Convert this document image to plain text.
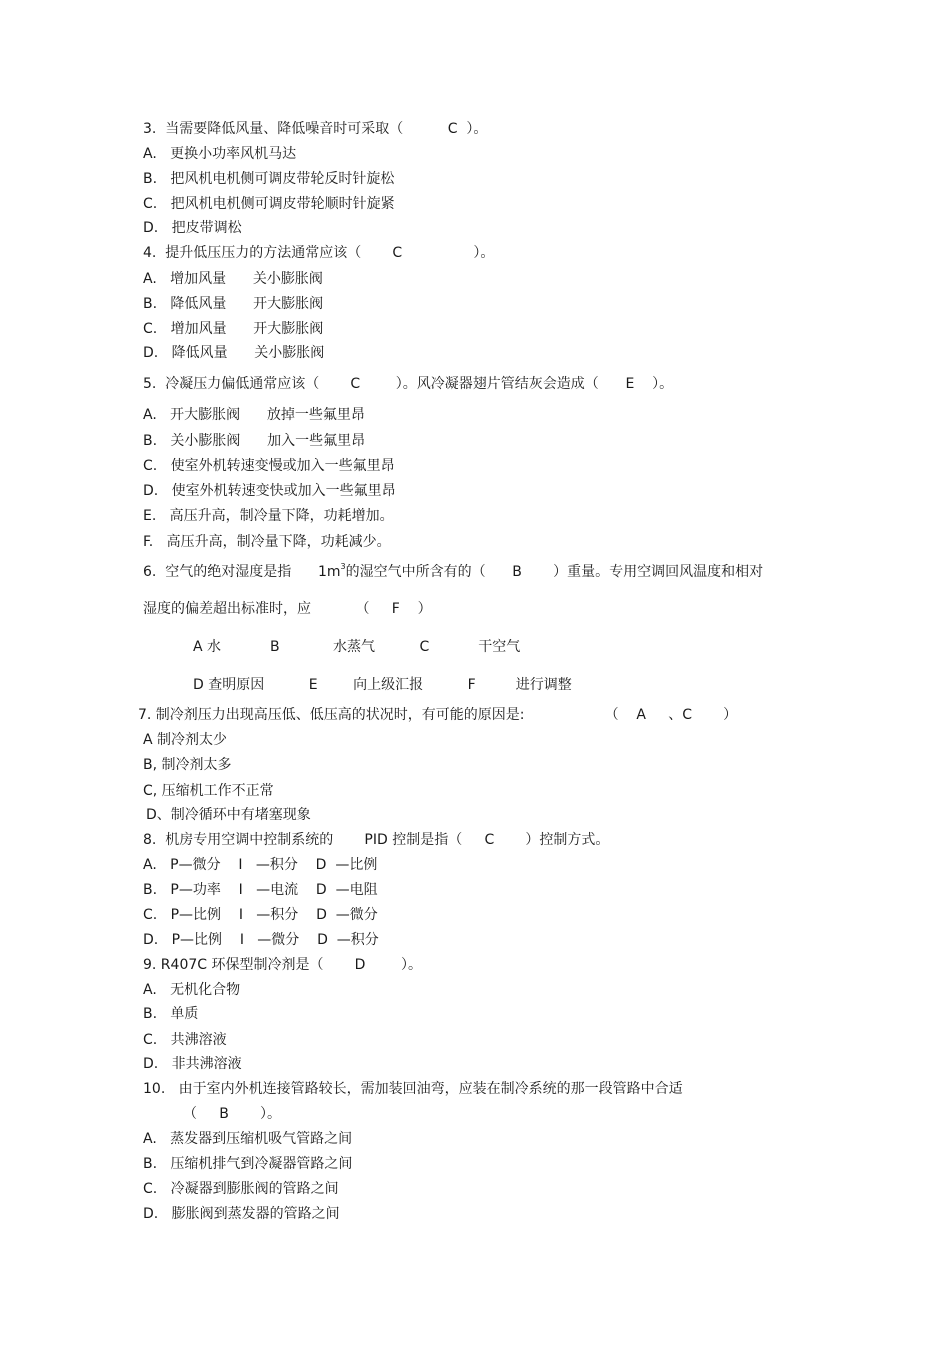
3.  当需要降低风量、降低噪音时可采取（          C  ）。
A.   更换小功率风机马达
B.   把风机电机侧可调皮带轮反时针旋松
C.   把风机电机侧可调皮带轮顺时针旋紧
D.   把皮带调松
4.  提升低压压力的方法通常应该（       C                ）。
A.   增加风量      关小膨胀阀
B.   降低风量      开大膨胀阀
C.   增加风量      开大膨胀阀
D.   降低风量      关小膨胀阀
5.  冷凝压力偏低通常应该（       C        ）。风冷凝器翅片管结灰会造成（      E    ）。
A.   开大膨胀阀      放掉一些氟里昂
B.   关小膨胀阀      加入一些氟里昂
C.   使室外机转速变慢或加入一些氟里昂
D.   使室外机转速变快或加入一些氟里昂
E.   高压升高，制冷量下降，功耗增加。
F.   高压升高，制冷量下降，功耗减少。
6.  空气的绝对湿度是指      $1m^3$的湿空气中所含有的（      B       ）重量。专用空调回风温度和相对
湿度的偏差超出标准时，应          （     F    ）
A 水           B            水蒸气          C           干空气
D 查明原因          E        向上级汇报          F         进行调整
7. 制冷剂压力出现高压低、低压高的状况时，有可能的原因是:                  （    A     、C       ）
A 制冷剂太少
B, 制冷剂太多
C, 压缩机工作不正常
D、制冷循环中有堵塞现象
8.  机房专用空调中控制系统的       PID 控制是指（     C       ）控制方式。
A.   P—微分    I   —积分    D  —比例
B.   P—功率    I   —电流    D  —电阻
C.   P—比例    I   —积分    D  —微分
D.   P—比例    I   —微分    D  —积分
9. R407C 环保型制冷剂是（       D        ）。
A.   无机化合物
B.   单质
C.   共沸溶液
D.   非共沸溶液
10.   由于室内外机连接管路较长，需加装回油弯，应装在制冷系统的那一段管路中合适
（     B       ）。
A.   蒸发器到压缩机吸气管路之间
B.   压缩机排气到冷凝器管路之间
C.   冷凝器到膨胀阀的管路之间
D.   膨胀阀到蒸发器的管路之间
